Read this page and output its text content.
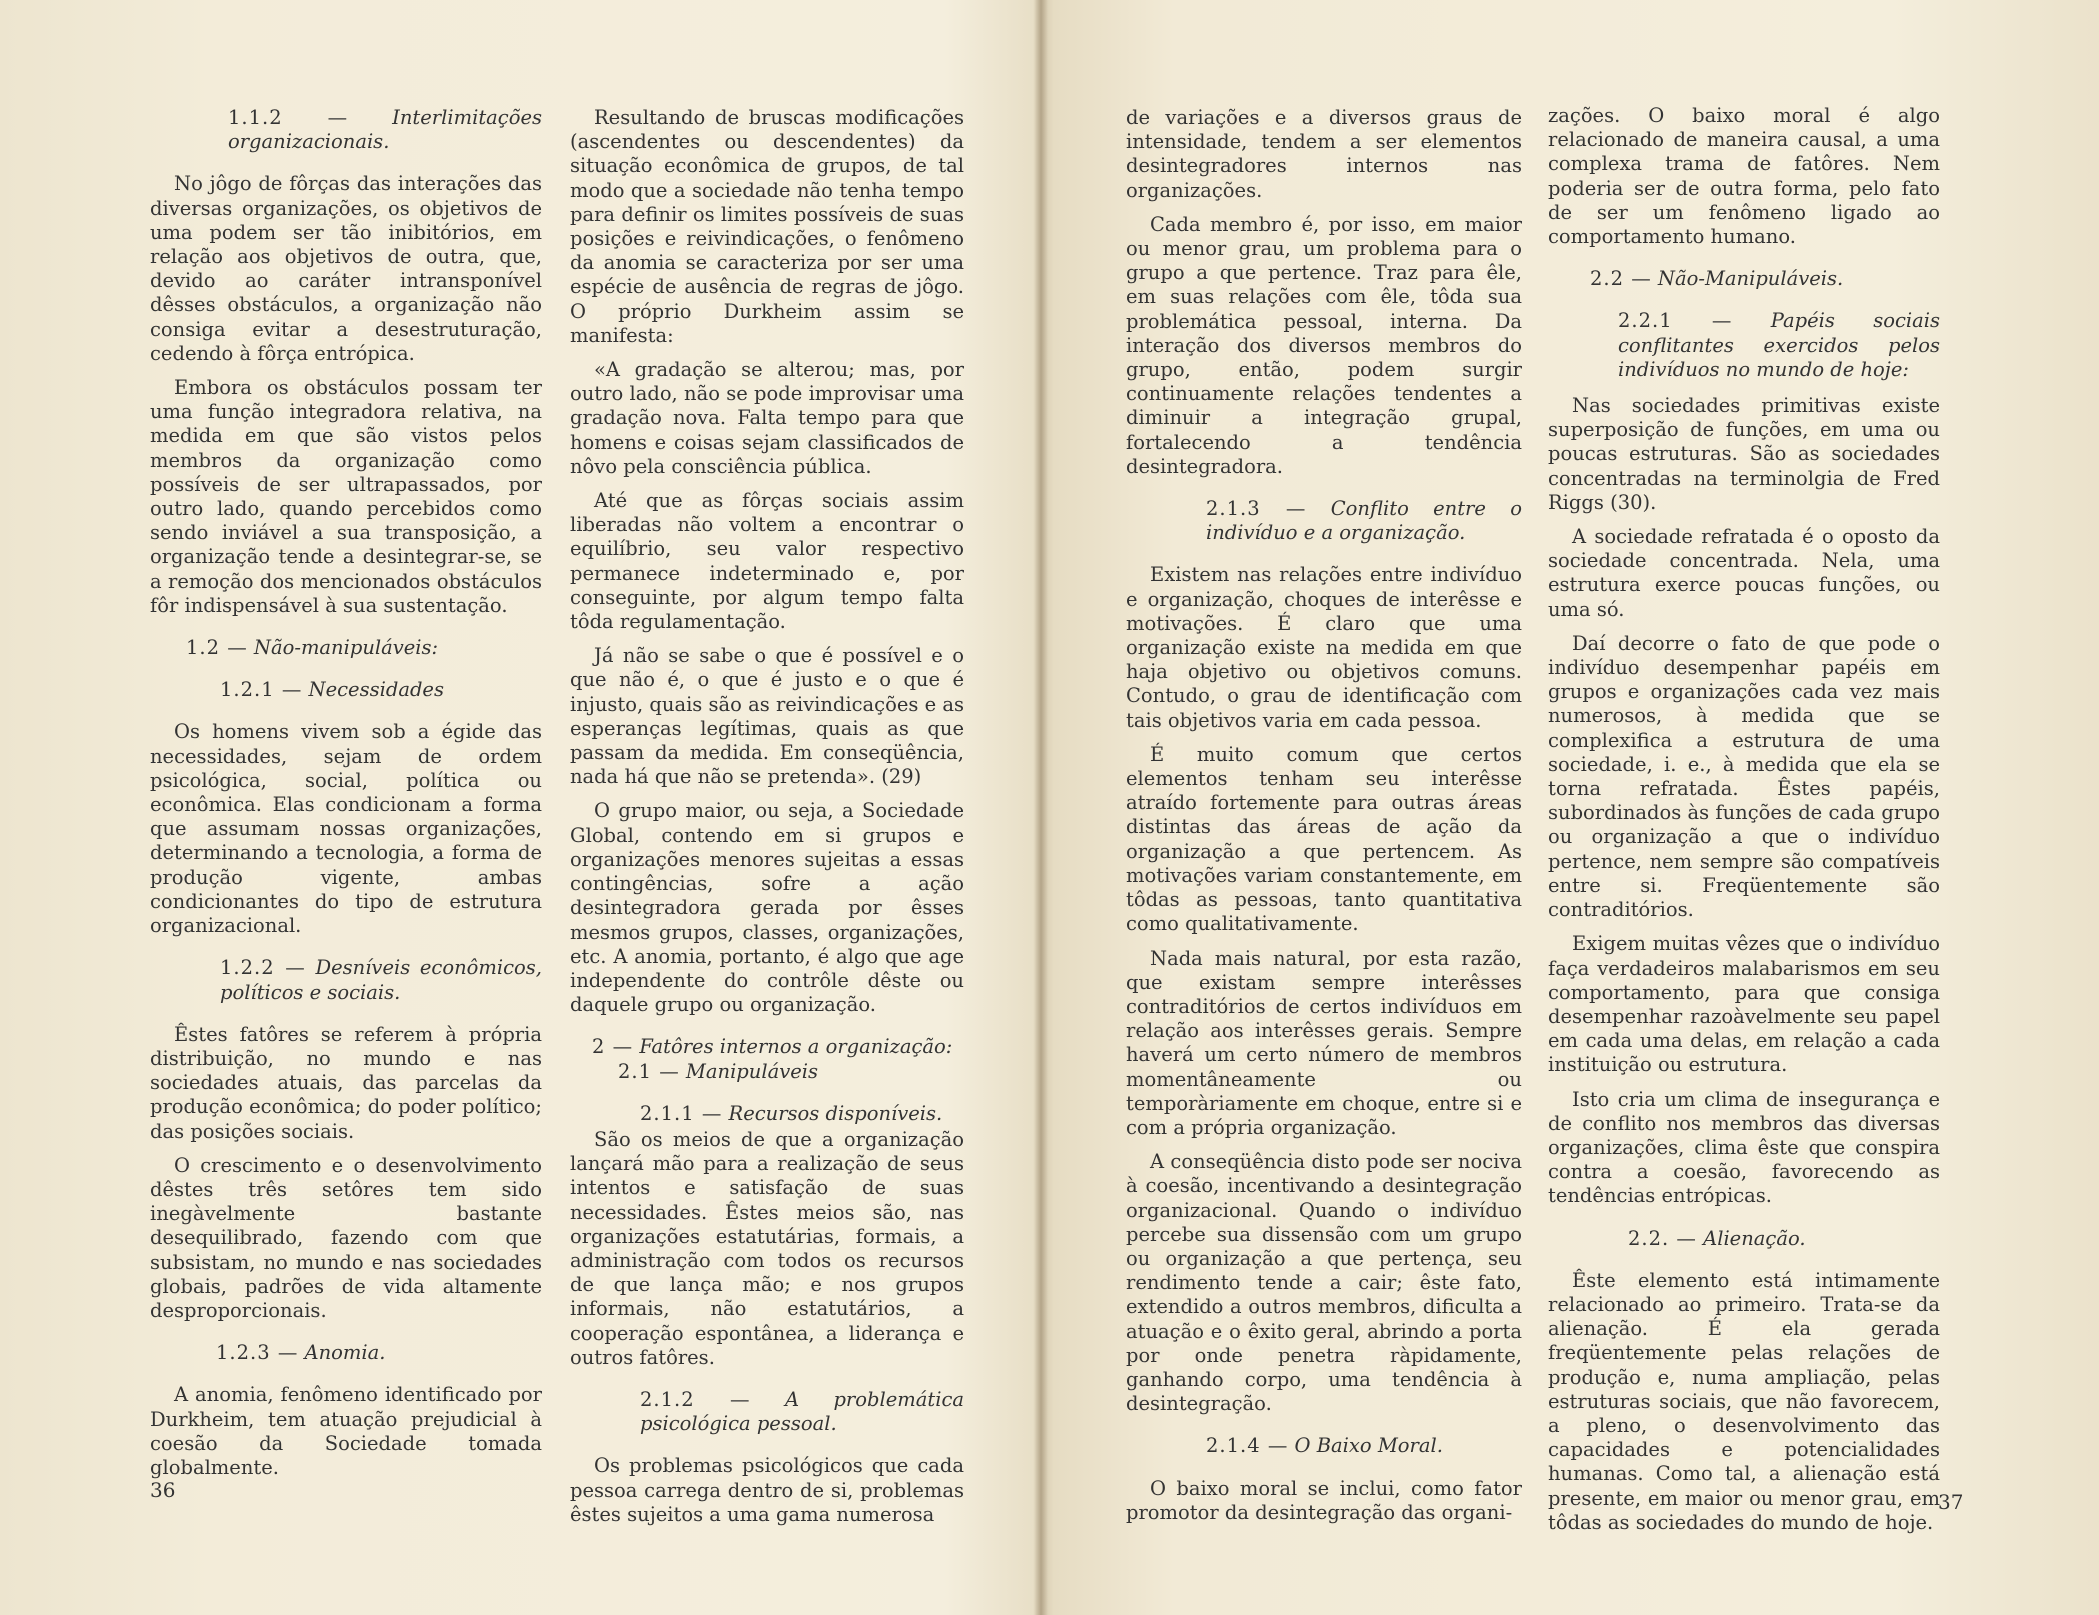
1.1.2 — Interlimitações organizacionais.

No jôgo de fôrças das interações das diversas organizações, os objetivos de uma podem ser tão inibitórios, em relação aos objetivos de outra, que, devido ao caráter intransponível dêsses obstáculos, a organização não consiga evitar a desestruturação, cedendo à fôrça entrópica.

Embora os obstáculos possam ter uma função integradora relativa, na medida em que são vistos pelos membros da organização como possíveis de ser ultrapassados, por outro lado, quando percebidos como sendo inviável a sua transposição, a organização tende a desintegrar-se, se a remoção dos mencionados obstáculos fôr indispensável à sua sustentação.

1.2 — Não-manipuláveis:
1.2.1 — Necessidades

Os homens vivem sob a égide das necessidades, sejam de ordem psicológica, social, política ou econômica. Elas condicionam a forma que assumam nossas organizações, determinando a tecnologia, a forma de produção vigente, ambas condicionantes do tipo de estrutura organizacional.

1.2.2 — Desníveis econômicos, políticos e sociais.

Êstes fatôres se referem à própria distribuição, no mundo e nas sociedades atuais, das parcelas da produção econômica; do poder político; das posições sociais.

O crescimento e o desenvolvimento dêstes três setôres tem sido inegàvelmente bastante desequilibrado, fazendo com que subsistam, no mundo e nas sociedades globais, padrões de vida altamente desproporcionais.

1.2.3 — Anomia.

A anomia, fenômeno identificado por Durkheim, tem atuação prejudicial à coesão da Sociedade tomada globalmente.

Resultando de bruscas modificações (ascendentes ou descendentes) da situação econômica de grupos, de tal modo que a sociedade não tenha tempo para definir os limites possíveis de suas posições e reivindicações, o fenômeno da anomia se caracteriza por ser uma espécie de ausência de regras de jôgo. O próprio Durkheim assim se manifesta:

«A gradação se alterou; mas, por outro lado, não se pode improvisar uma gradação nova. Falta tempo para que homens e coisas sejam classificados de nôvo pela consciência pública.

Até que as fôrças sociais assim liberadas não voltem a encontrar o equilíbrio, seu valor respectivo permanece indeterminado e, por conseguinte, por algum tempo falta tôda regulamentação.

Já não se sabe o que é possível e o que não é, o que é justo e o que é injusto, quais são as reivindicações e as esperanças legítimas, quais as que passam da medida. Em conseqüência, nada há que não se pretenda». (29)

O grupo maior, ou seja, a Sociedade Global, contendo em si grupos e organizações menores sujeitas a essas contingências, sofre a ação desintegradora gerada por êsses mesmos grupos, classes, organizações, etc. A anomia, portanto, é algo que age independente do contrôle dêste ou daquele grupo ou organização.

2 — Fatôres internos a organização:
2.1 — Manipuláveis
2.1.1 — Recursos disponíveis.

São os meios de que a organização lançará mão para a realização de seus intentos e satisfação de suas necessidades. Êstes meios são, nas organizações estatutárias, formais, a administração com todos os recursos de que lança mão; e nos grupos informais, não estatutários, a cooperação espontânea, a liderança e outros fatôres.

2.1.2 — A problemática psicológica pessoal.

Os problemas psicológicos que cada pessoa carrega dentro de si, problemas êstes sujeitos a uma gama numerosa

36

de variações e a diversos graus de intensidade, tendem a ser elementos desintegradores internos nas organizações.

Cada membro é, por isso, em maior ou menor grau, um problema para o grupo a que pertence. Traz para êle, em suas relações com êle, tôda sua problemática pessoal, interna. Da interação dos diversos membros do grupo, então, podem surgir continuamente relações tendentes a diminuir a integração grupal, fortalecendo a tendência desintegradora.

2.1.3 — Conflito entre o indivíduo e a organização.

Existem nas relações entre indivíduo e organização, choques de interêsse e motivações. É claro que uma organização existe na medida em que haja objetivo ou objetivos comuns. Contudo, o grau de identificação com tais objetivos varia em cada pessoa.

É muito comum que certos elementos tenham seu interêsse atraído fortemente para outras áreas distintas das áreas de ação da organização a que pertencem. As motivações variam constantemente, em tôdas as pessoas, tanto quantitativa como qualitativamente.

Nada mais natural, por esta razão, que existam sempre interêsses contraditórios de certos indivíduos em relação aos interêsses gerais. Sempre haverá um certo número de membros momentâneamente ou temporàriamente em choque, entre si e com a própria organização.

A conseqüência disto pode ser nociva à coesão, incentivando a desintegração organizacional. Quando o indivíduo percebe sua dissensão com um grupo ou organização a que pertença, seu rendimento tende a cair; êste fato, extendido a outros membros, dificulta a atuação e o êxito geral, abrindo a porta por onde penetra ràpidamente, ganhando corpo, uma tendência à desintegração.

2.1.4 — O Baixo Moral.

O baixo moral se inclui, como fator promotor da desintegração das organi-

zações. O baixo moral é algo relacionado de maneira causal, a uma complexa trama de fatôres. Nem poderia ser de outra forma, pelo fato de ser um fenômeno ligado ao comportamento humano.

2.2 — Não-Manipuláveis.
2.2.1 — Papéis sociais conflitantes exercidos pelos indivíduos no mundo de hoje:

Nas sociedades primitivas existe superposição de funções, em uma ou poucas estruturas. São as sociedades concentradas na terminolgia de Fred Riggs (30).

A sociedade refratada é o oposto da sociedade concentrada. Nela, uma estrutura exerce poucas funções, ou uma só.

Daí decorre o fato de que pode o indivíduo desempenhar papéis em grupos e organizações cada vez mais numerosos, à medida que se complexifica a estrutura de uma sociedade, i. e., à medida que ela se torna refratada. Êstes papéis, subordinados às funções de cada grupo ou organização a que o indivíduo pertence, nem sempre são compatíveis entre si. Freqüentemente são contraditórios.

Exigem muitas vêzes que o indivíduo faça verdadeiros malabarismos em seu comportamento, para que consiga desempenhar razoàvelmente seu papel em cada uma delas, em relação a cada instituição ou estrutura.

Isto cria um clima de insegurança e de conflito nos membros das diversas organizações, clima êste que conspira contra a coesão, favorecendo as tendências entrópicas.

2.2. — Alienação.

Êste elemento está intimamente relacionado ao primeiro. Trata-se da alienação. É ela gerada freqüentemente pelas relações de produção e, numa ampliação, pelas estruturas sociais, que não favorecem, a pleno, o desenvolvimento das capacidades e potencialidades humanas. Como tal, a alienação está presente, em maior ou menor grau, em tôdas as sociedades do mundo de hoje.

37
